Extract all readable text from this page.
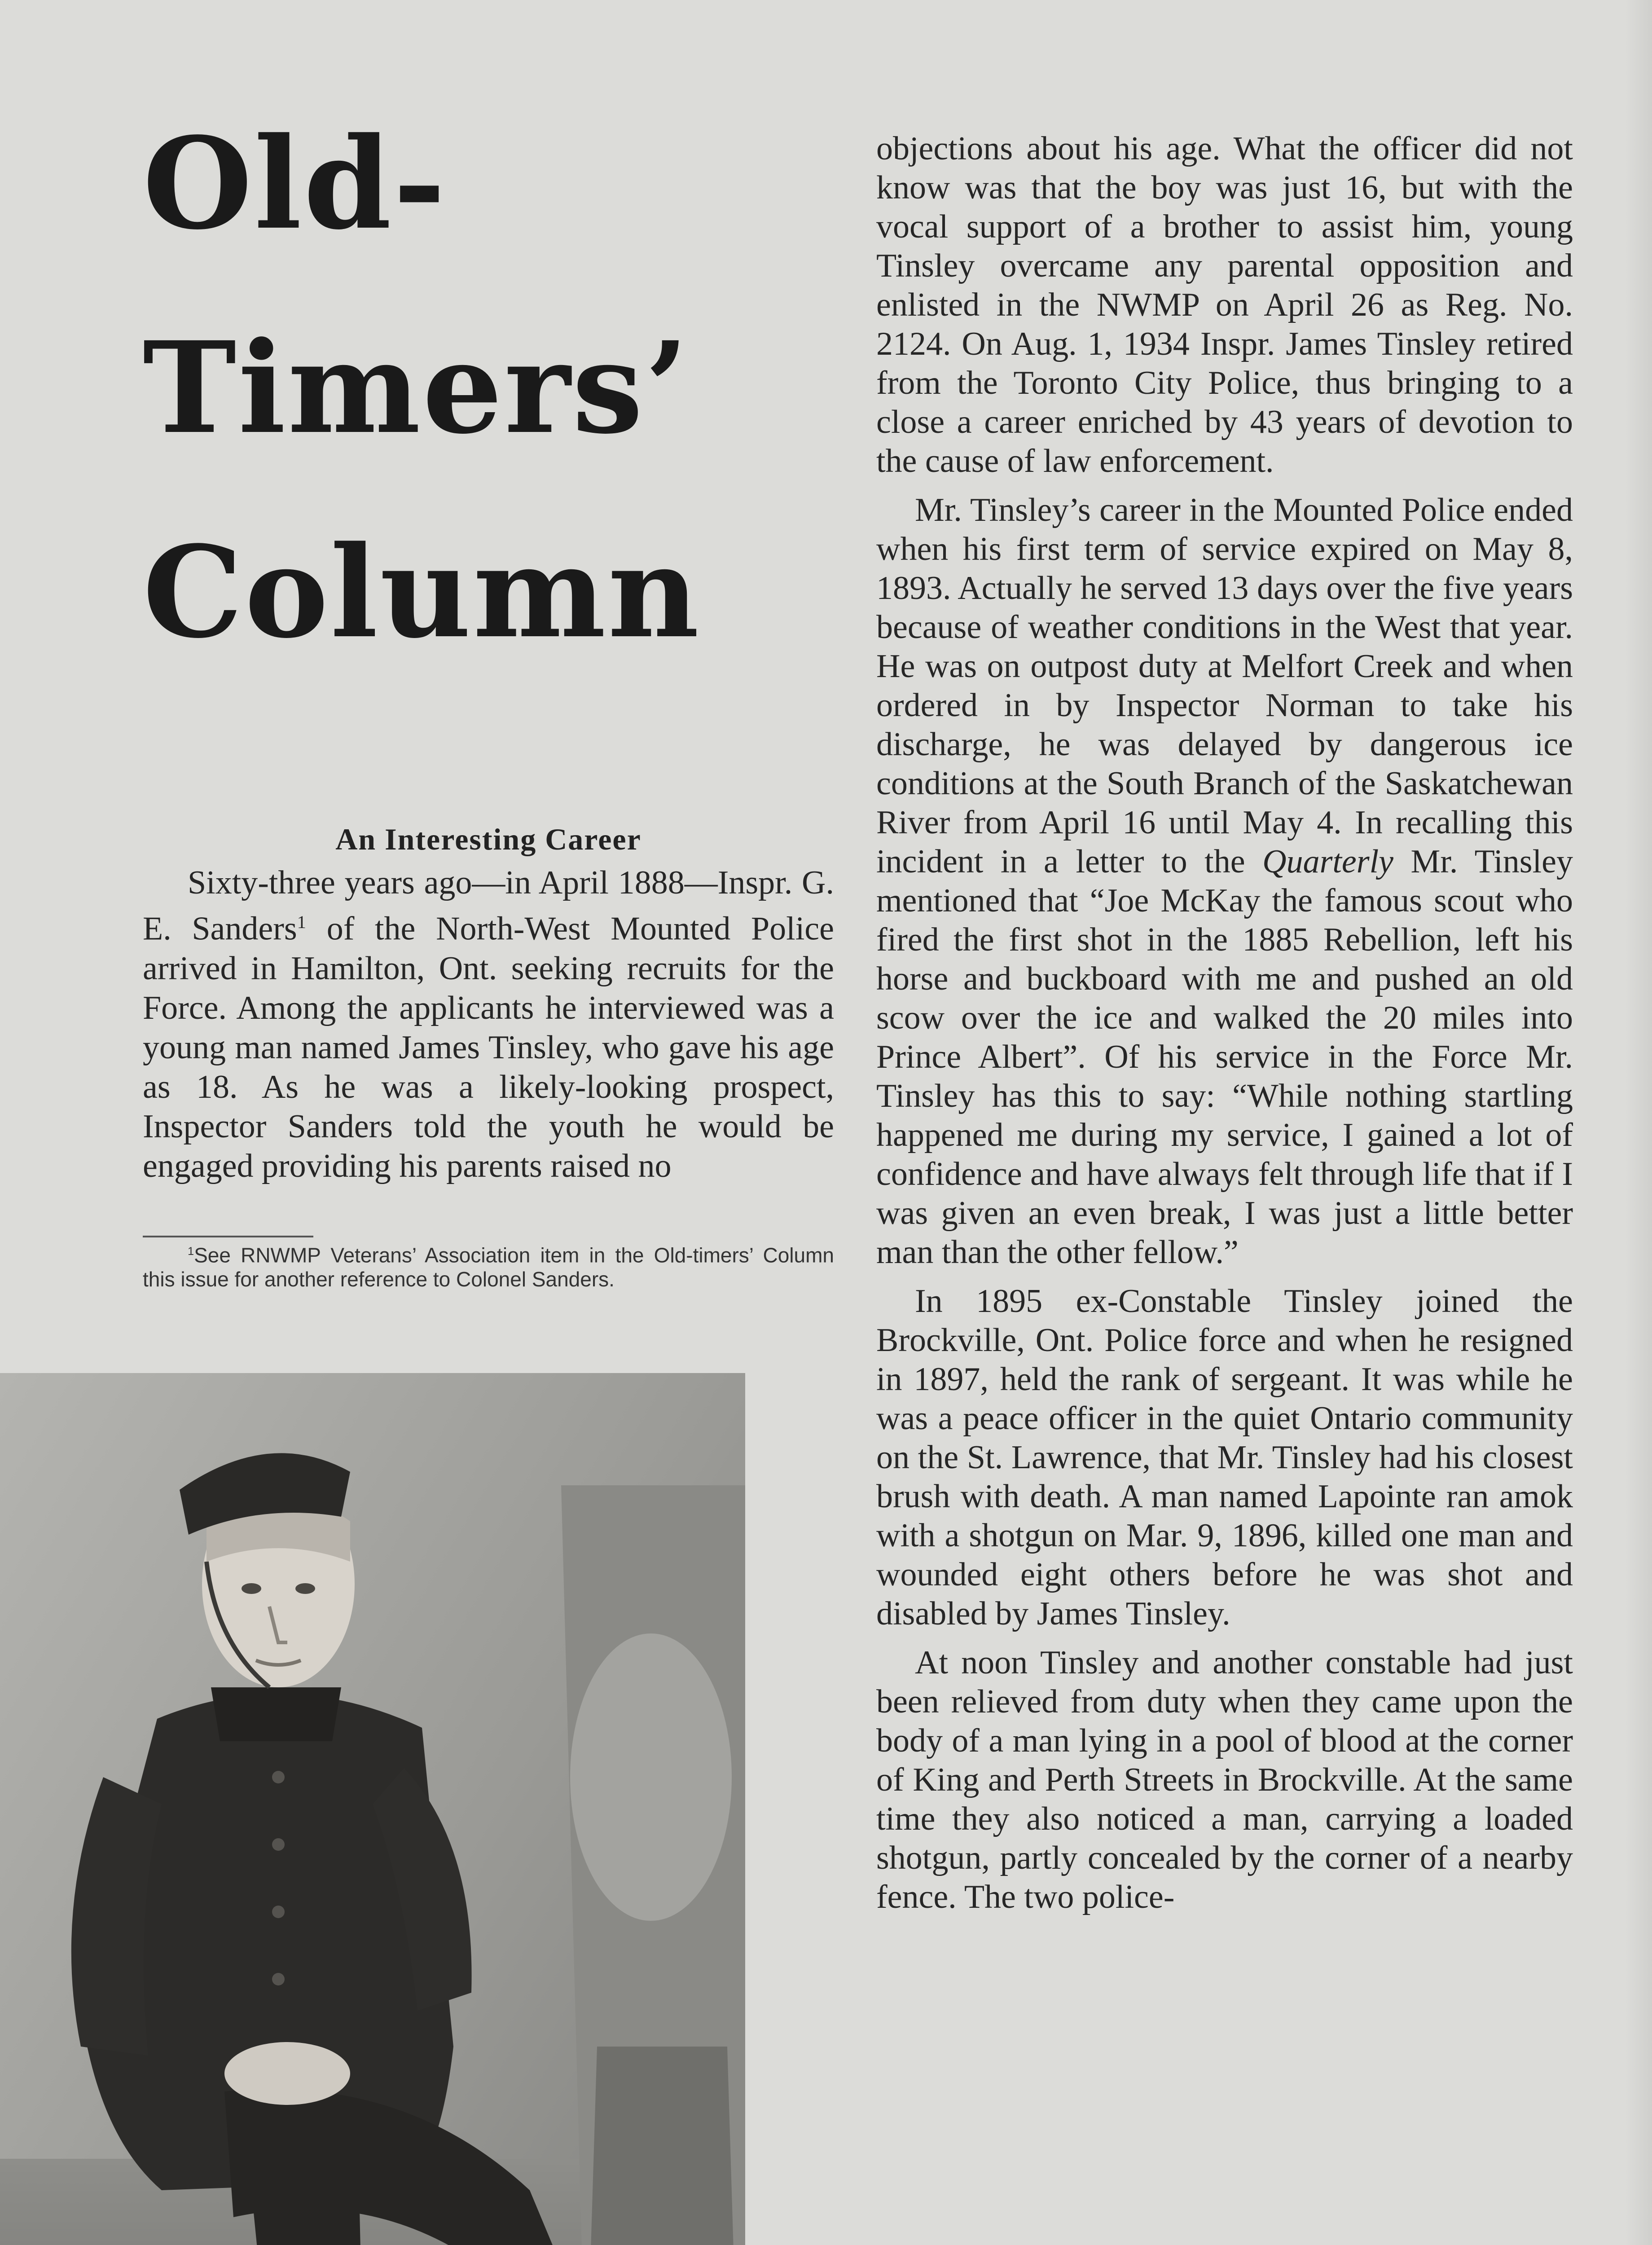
Old-
Timers’
Column
An Interesting Career

Sixty-three years ago—in April 1888—Inspr. G. E. Sanders$^1$ of the North-West Mounted Police arrived in Hamilton, Ont. seeking recruits for the Force. Among the applicants he interviewed was a young man named James Tinsley, who gave his age as 18. As he was a likely-looking prospect, Inspector Sanders told the youth he would be engaged providing his parents raised no

$^1$See RNWMP Veterans’ Association item in the Old-timers’ Column this issue for another reference to Colonel Sanders.

objections about his age. What the officer did not know was that the boy was just 16, but with the vocal support of a brother to assist him, young Tinsley overcame any parental opposition and enlisted in the NWMP on April 26 as Reg. No. 2124. On Aug. 1, 1934 Inspr. James Tinsley retired from the Toronto City Police, thus bringing to a close a career enriched by 43 years of devotion to the cause of law enforcement.

Mr. Tinsley’s career in the Mounted Police ended when his first term of service expired on May 8, 1893. Actually he served 13 days over the five years because of weather conditions in the West that year. He was on outpost duty at Melfort Creek and when ordered in by Inspector Norman to take his discharge, he was delayed by dangerous ice conditions at the South Branch of the Saskatchewan River from April 16 until May 4. In recalling this incident in a letter to the Quarterly Mr. Tinsley mentioned that “Joe McKay the famous scout who fired the first shot in the 1885 Rebellion, left his horse and buckboard with me and pushed an old scow over the ice and walked the 20 miles into Prince Albert”. Of his service in the Force Mr. Tinsley has this to say: “While nothing startling happened me during my service, I gained a lot of confidence and have always felt through life that if I was given an even break, I was just a little better man than the other fellow.”

In 1895 ex-Constable Tinsley joined the Brockville, Ont. Police force and when he resigned in 1897, held the rank of sergeant. It was while he was a peace officer in the quiet Ontario community on the St. Lawrence, that Mr. Tinsley had his closest brush with death. A man named Lapointe ran amok with a shotgun on Mar. 9, 1896, killed one man and wounded eight others before he was shot and disabled by James Tinsley.

At noon Tinsley and another constable had just been relieved from duty when they came upon the body of a man lying in a pool of blood at the corner of King and Perth Streets in Brockville. At the same time they also noticed a man, carrying a loaded shotgun, partly concealed by the corner of a nearby fence. The two police-
